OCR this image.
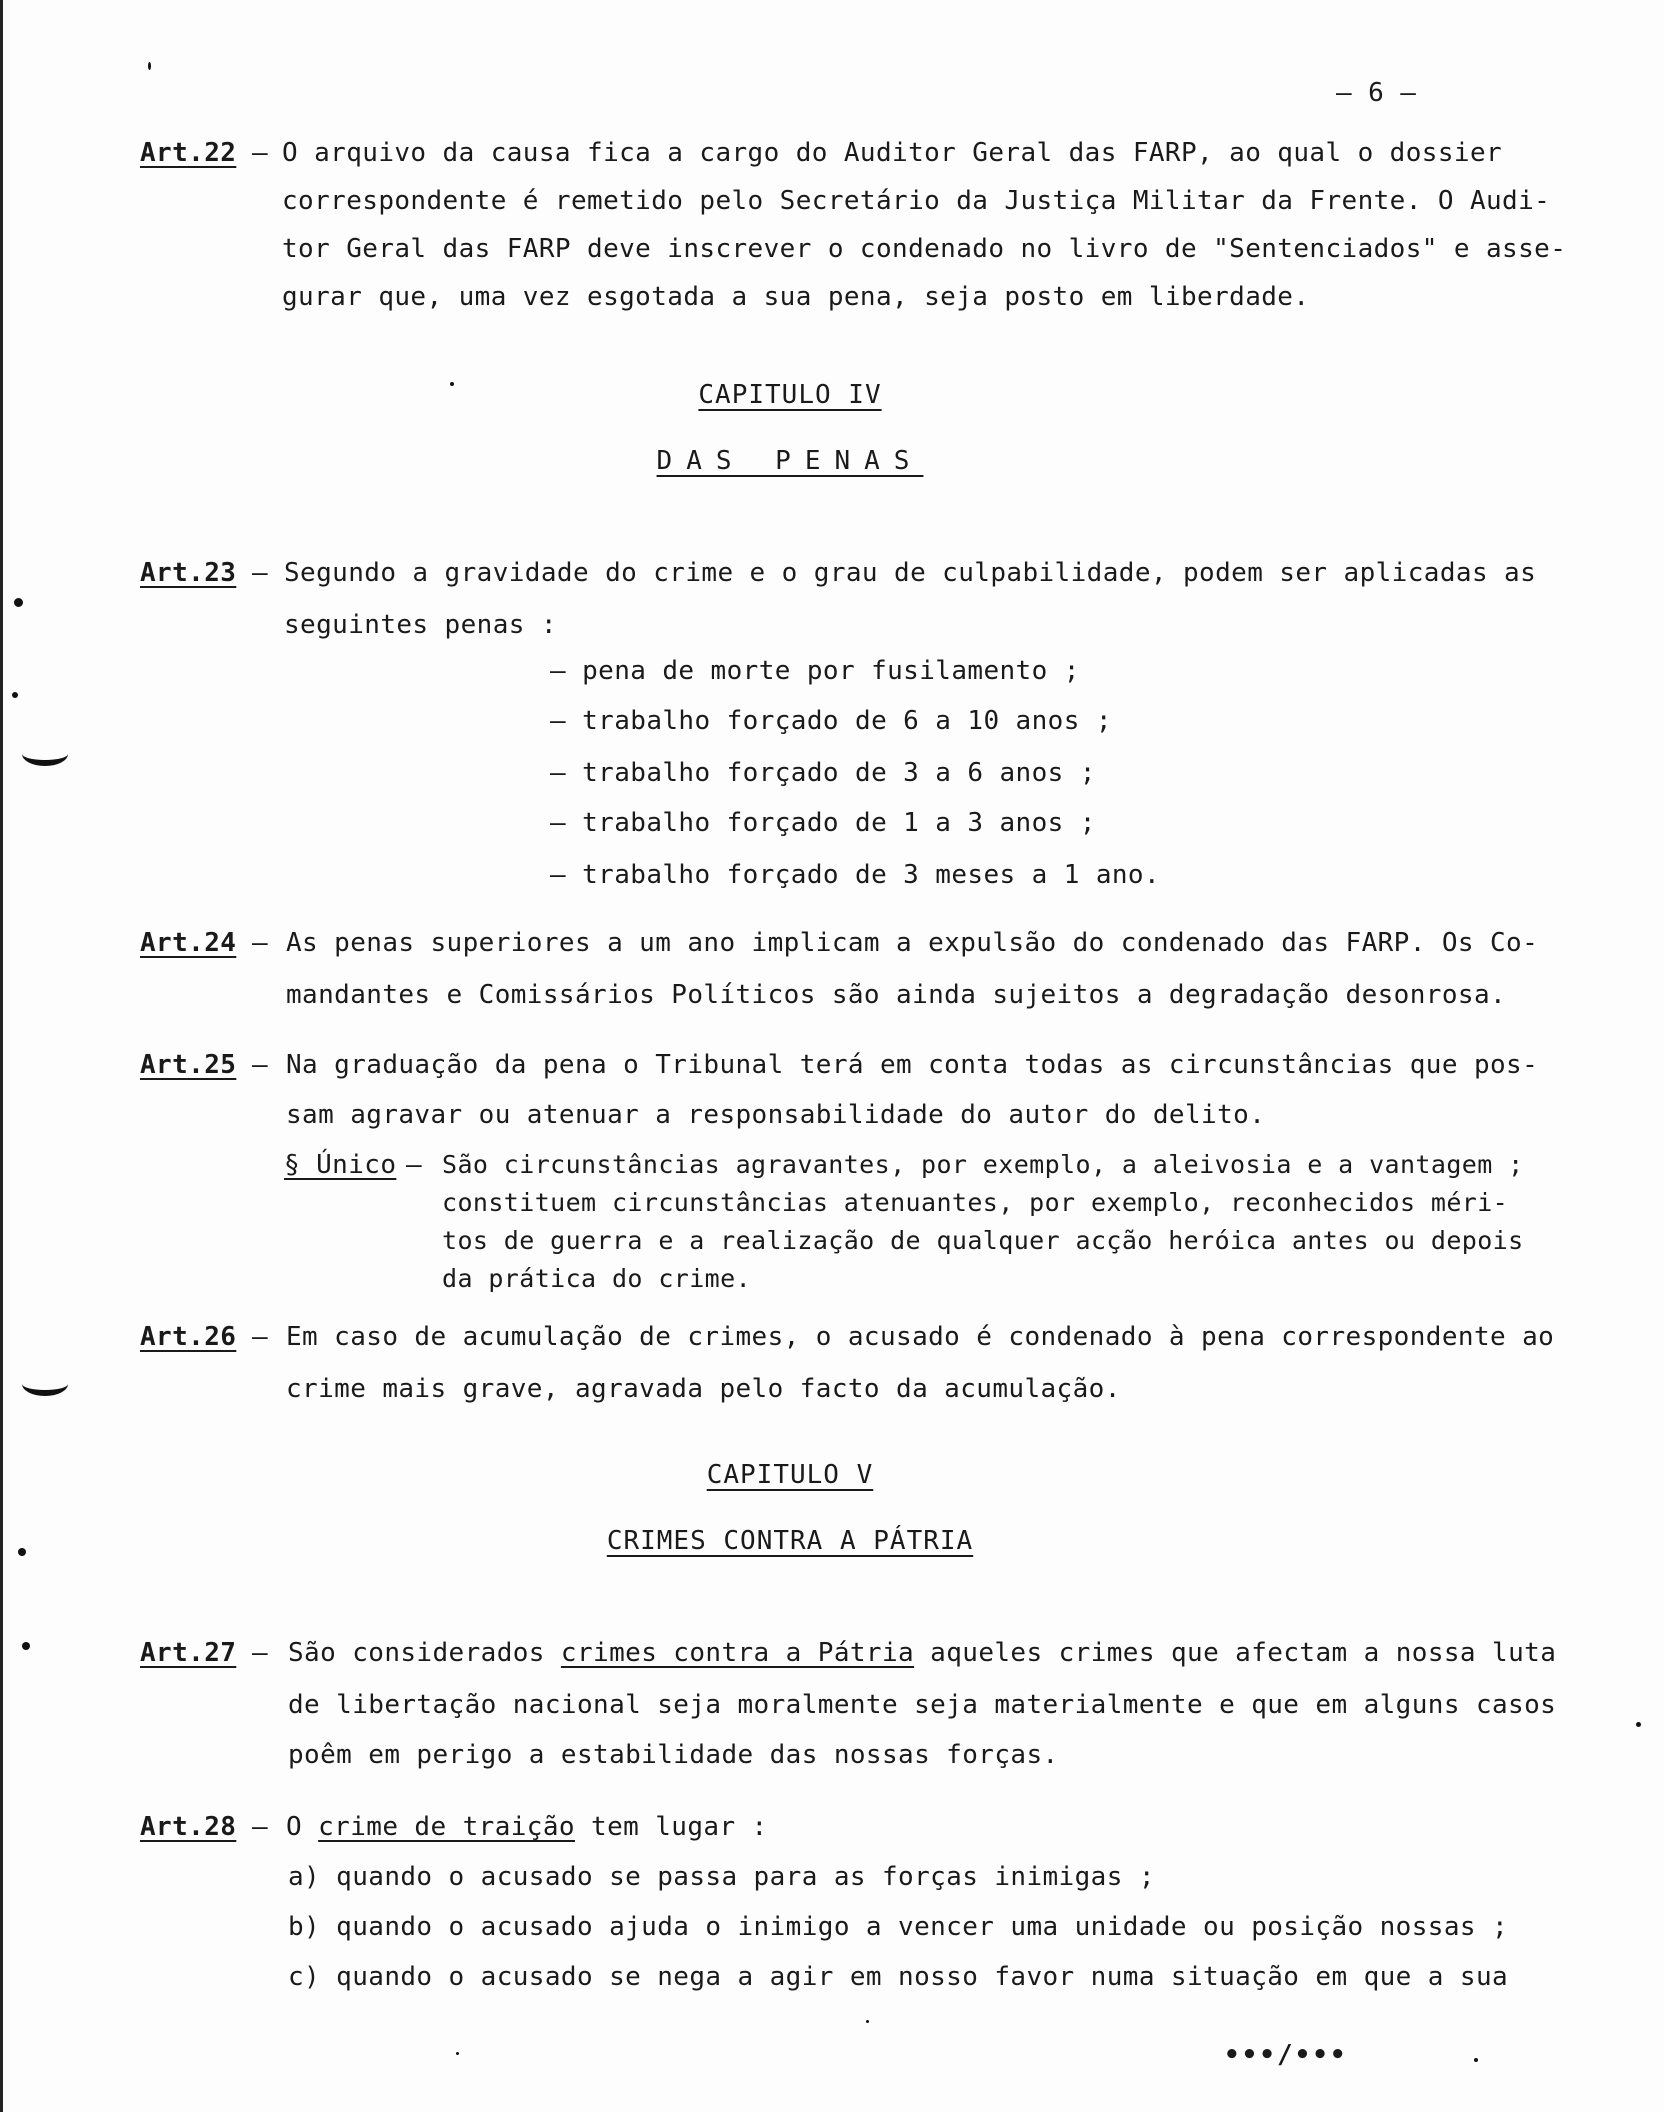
– 6 –
Art.22 – O arquivo da causa fica a cargo do Auditor Geral das FARP, ao qual o dossier
correspondente é remetido pelo Secretário da Justiça Militar da Frente. O Audi-
tor Geral das FARP deve inscrever o condenado no livro de "Sentenciados" e asse-
gurar que, uma vez esgotada a sua pena, seja posto em liberdade.
CAPITULO IV
DAS PENAS
Art.23 – Segundo a gravidade do crime e o grau de culpabilidade, podem ser aplicadas as
seguintes penas :
– pena de morte por fusilamento ;
– trabalho forçado de 6 a 10 anos ;
– trabalho forçado de 3 a 6 anos ;
– trabalho forçado de 1 a 3 anos ;
– trabalho forçado de 3 meses a 1 ano.
Art.24 – As penas superiores a um ano implicam a expulsão do condenado das FARP. Os Co-
mandantes e Comissários Políticos são ainda sujeitos a degradação desonrosa.
Art.25 – Na graduação da pena o Tribunal terá em conta todas as circunstâncias que pos-
sam agravar ou atenuar a responsabilidade do autor do delito.
§ Único – São circunstâncias agravantes, por exemplo, a aleivosia e a vantagem ;
constituem circunstâncias atenuantes, por exemplo, reconhecidos méri-
tos de guerra e a realização de qualquer acção heróica antes ou depois
da prática do crime.
Art.26 – Em caso de acumulação de crimes, o acusado é condenado à pena correspondente ao
crime mais grave, agravada pelo facto da acumulação.
CAPITULO V
CRIMES CONTRA A PÁTRIA
Art.27 – São considerados crimes contra a Pátria aqueles crimes que afectam a nossa luta
de libertação nacional seja moralmente seja materialmente e que em alguns casos
poêm em perigo a estabilidade das nossas forças.
Art.28 – O crime de traição tem lugar :
a) quando o acusado se passa para as forças inimigas ;
b) quando o acusado ajuda o inimigo a vencer uma unidade ou posição nossas ;
c) quando o acusado se nega a agir em nosso favor numa situação em que a sua
•••/•••
